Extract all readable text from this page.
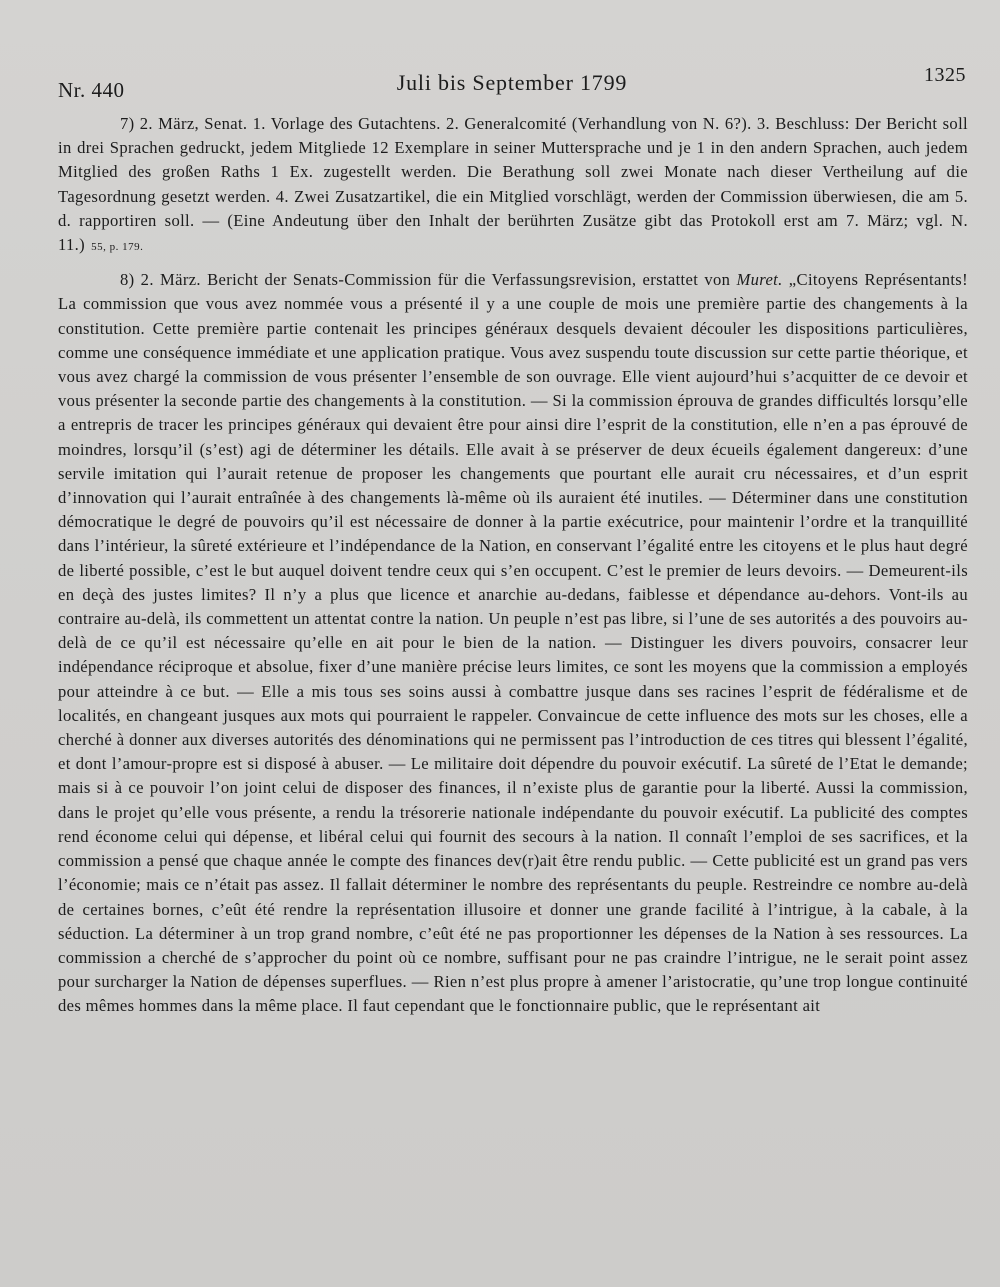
Nr. 440	Juli bis September 1799	1325

7) 2. März, Senat. 1. Vorlage des Gutachtens. 2. Generalcomité (Verhandlung von N. 6?). 3. Beschluss: Der Bericht soll in drei Sprachen gedruckt, jedem Mitgliede 12 Exemplare in seiner Muttersprache und je 1 in den andern Sprachen, auch jedem Mitglied des großen Raths 1 Ex. zugestellt werden. Die Berathung soll zwei Monate nach dieser Vertheilung auf die Tagesordnung gesetzt werden. 4. Zwei Zusatzartikel, die ein Mitglied vorschlägt, werden der Commission überwiesen, die am 5. d. rapportiren soll. — (Eine Andeutung über den Inhalt der berührten Zusätze gibt das Protokoll erst am 7. März; vgl. N. 11.) 55, p. 179.

8) 2. März. Bericht der Senats-Commission für die Verfassungsrevision, erstattet von Muret. „Citoyens Représentants! La commission que vous avez nommée vous a présenté il y a une couple de mois une première partie des changements à la constitution. Cette première partie contenait les principes généraux desquels devaient découler les dispositions particulières, comme une conséquence immédiate et une application pratique. Vous avez suspendu toute discussion sur cette partie théorique, et vous avez chargé la commission de vous présenter l’ensemble de son ouvrage. Elle vient aujourd’hui s’acquitter de ce devoir et vous présenter la seconde partie des changements à la constitution. — Si la commission éprouva de grandes difficultés lorsqu’elle a entrepris de tracer les principes généraux qui devaient être pour ainsi dire l’esprit de la constitution, elle n’en a pas éprouvé de moindres, lorsqu’il (s’est) agi de déterminer les détails. Elle avait à se préserver de deux écueils également dangereux: d’une servile imitation qui l’aurait retenue de proposer les changements que pourtant elle aurait cru nécessaires, et d’un esprit d’innovation qui l’aurait entraînée à des changements là-même où ils auraient été inutiles. — Déterminer dans une constitution démocratique le degré de pouvoirs qu’il est nécessaire de donner à la partie exécutrice, pour maintenir l’ordre et la tranquillité dans l’intérieur, la sûreté extérieure et l’indépendance de la Nation, en conservant l’égalité entre les citoyens et le plus haut degré de liberté possible, c’est le but auquel doivent tendre ceux qui s’en occupent. C’est le premier de leurs devoirs. — Demeurent-ils en deçà des justes limites? Il n’y a plus que licence et anarchie au-dedans, faiblesse et dépendance au-dehors. Vont-ils au contraire au-delà, ils commettent un attentat contre la nation. Un peuple n’est pas libre, si l’une de ses autorités a des pouvoirs au-delà de ce qu’il est nécessaire qu’elle en ait pour le bien de la nation. — Distinguer les divers pouvoirs, consacrer leur indépendance réciproque et absolue, fixer d’une manière précise leurs limites, ce sont les moyens que la commission a employés pour atteindre à ce but. — Elle a mis tous ses soins aussi à combattre jusque dans ses racines l’esprit de fédéralisme et de localités, en changeant jusques aux mots qui pourraient le rappeler. Convaincue de cette influence des mots sur les choses, elle a cherché à donner aux diverses autorités des dénominations qui ne permissent pas l’introduction de ces titres qui blessent l’égalité, et dont l’amour-propre est si disposé à abuser. — Le militaire doit dépendre du pouvoir exécutif. La sûreté de l’Etat le demande; mais si à ce pouvoir l’on joint celui de disposer des finances, il n’existe plus de garantie pour la liberté. Aussi la commission, dans le projet qu’elle vous présente, a rendu la trésorerie nationale indépendante du pouvoir exécutif. La publicité des comptes rend économe celui qui dépense, et libéral celui qui fournit des secours à la nation. Il connaît l’emploi de ses sacrifices, et la commission a pensé que chaque année le compte des finances dev(r)ait être rendu public. — Cette publicité est un grand pas vers l’économie; mais ce n’était pas assez. Il fallait déterminer le nombre des représentants du peuple. Restreindre ce nombre au-delà de certaines bornes, c’eût été rendre la représentation illusoire et donner une grande facilité à l’intrigue, à la cabale, à la séduction. La déterminer à un trop grand nombre, c’eût été ne pas proportionner les dépenses de la Nation à ses ressources. La commission a cherché de s’approcher du point où ce nombre, suffisant pour ne pas craindre l’intrigue, ne le serait point assez pour surcharger la Nation de dépenses superflues. — Rien n’est plus propre à amener l’aristocratie, qu’une trop longue continuité des mêmes hommes dans la même place. Il faut cependant que le fonctionnaire public, que le représentant ait
